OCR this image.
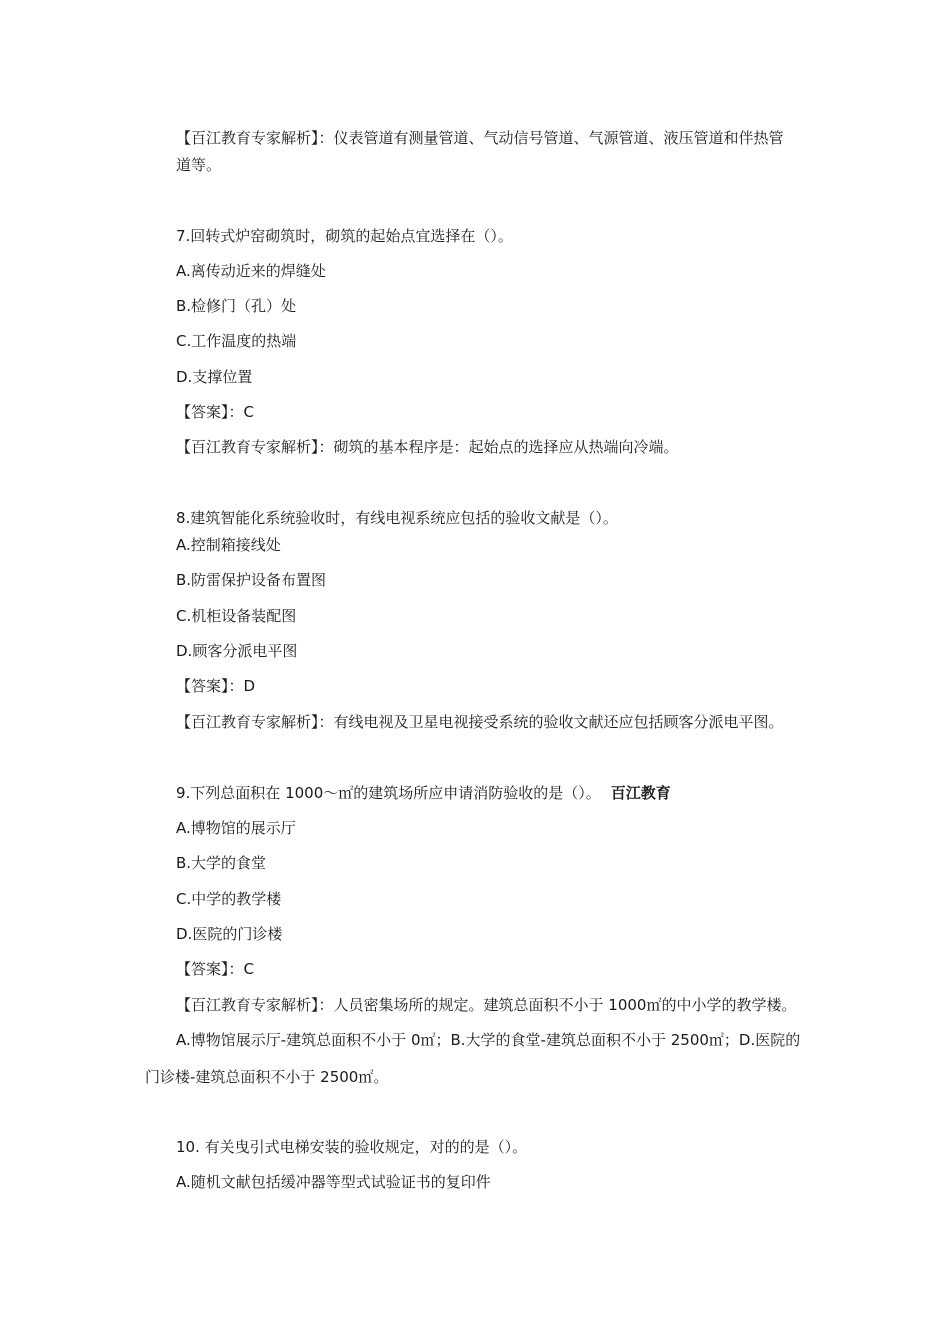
【百江教育专家解析】：仪表管道有测量管道、气动信号管道、气源管道、液压管道和伴热管
道等。
7.回转式炉窑砌筑时，砌筑的起始点宜选择在（）。
A.离传动近来的焊缝处
B.检修门（孔）处
C.工作温度的热端
D.支撑位置
【答案】：C
【百江教育专家解析】：砌筑的基本程序是：起始点的选择应从热端向冷端。
8.建筑智能化系统验收时，有线电视系统应包括的验收文献是（）。
A.控制箱接线处
B.防雷保护设备布置图
C.机柜设备装配图
D.顾客分派电平图
【答案】：D
【百江教育专家解析】：有线电视及卫星电视接受系统的验收文献还应包括顾客分派电平图。
9.下列总面积在 1000～㎡的建筑场所应申请消防验收的是（）。 百江教育
A.博物馆的展示厅
B.大学的食堂
C.中学的教学楼
D.医院的门诊楼
【答案】：C
【百江教育专家解析】：人员密集场所的规定。建筑总面积不小于 1000㎡的中小学的教学楼。
A.博物馆展示厅-建筑总面积不小于 0㎡；B.大学的食堂-建筑总面积不小于 2500㎡；D.医院的
门诊楼-建筑总面积不小于 2500㎡。
10. 有关曳引式电梯安装的验收规定，对的的是（）。
A.随机文献包括缓冲器等型式试验证书的复印件
